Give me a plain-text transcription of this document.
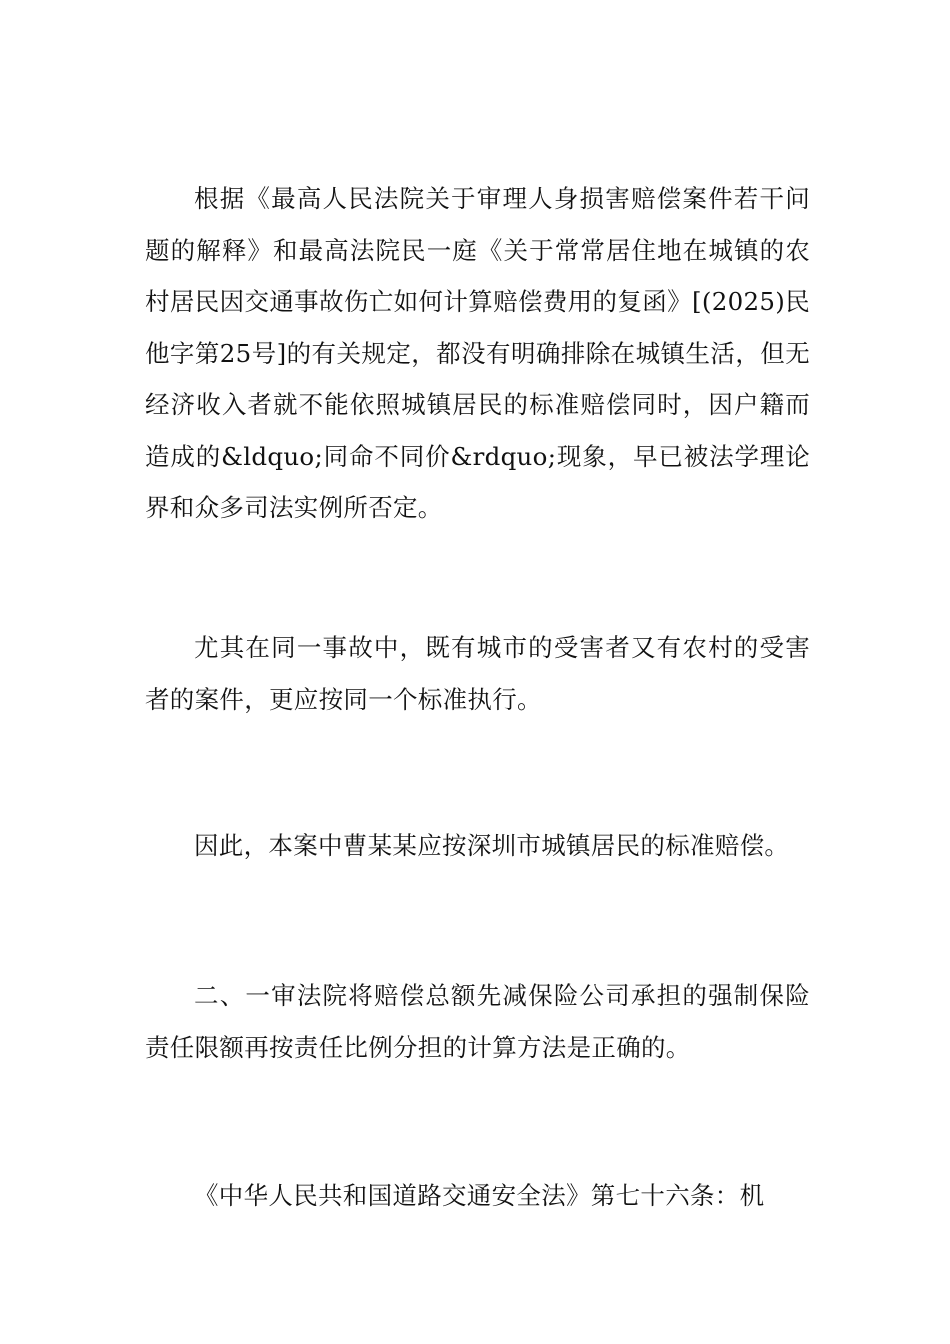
根据《最高人民法院关于审理人身损害赔偿案件若干问题的解释》和最高法院民一庭《关于常常居住地在城镇的农村居民因交通事故伤亡如何计算赔偿费用的复函》[(2025)民他字第25号]的有关规定，都没有明确排除在城镇生活，但无经济收入者就不能依照城镇居民的标准赔偿同时，因户籍而造成的&ldquo;同命不同价&rdquo;现象，早已被法学理论界和众多司法实例所否定。

尤其在同一事故中，既有城市的受害者又有农村的受害者的案件，更应按同一个标准执行。

因此，本案中曹某某应按深圳市城镇居民的标准赔偿。

二、一审法院将赔偿总额先减保险公司承担的强制保险责任限额再按责任比例分担的计算方法是正确的。

《中华人民共和国道路交通安全法》第七十六条：机
